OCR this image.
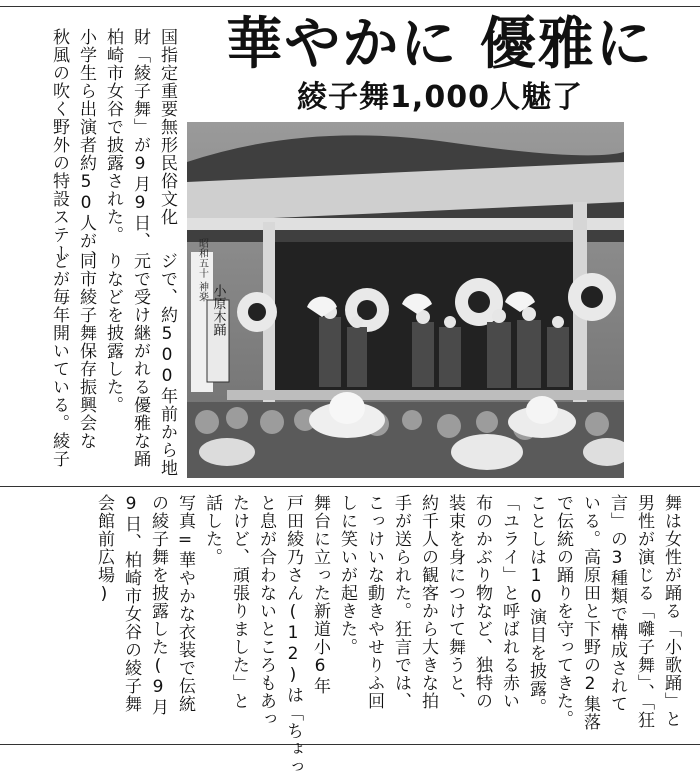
華やかに 優雅に
綾子舞1,000人魅了
国指定重要無形民俗文化
財「綾子舞」が9月9日、
柏崎市女谷で披露された。
小学生ら出演者約50人が、
秋風の吹く野外の特設ステー
ジで、約500年前から地
元で受け継がれる優雅な踊
りなどを披露した。
同市綾子舞保存振興会な
どが毎年開いている。綾子	昭和五十 神楽
小原木踊
舞は女性が踊る「小歌踊」と
男性が演じる「囃子舞」、「狂
言」の3種類で構成されて
いる。高原田と下野の2集落
で伝統の踊りを守ってきた。
ことしは10演目を披露。
「ユライ」と呼ばれる赤い
布のかぶり物など、独特の
装束を身につけて舞うと、
約千人の観客から大きな拍
手が送られた。狂言では、
こっけいな動きやせりふ回
しに笑いが起きた。
舞台に立った新道小6年
戸田綾乃さん(12)は「ちょっ
と息が合わないところもあっ
たけど、頑張りました」と
話した。
写真=華やかな衣装で伝統
の綾子舞を披露した(9月
9日、柏崎市女谷の綾子舞
会館前広場)
